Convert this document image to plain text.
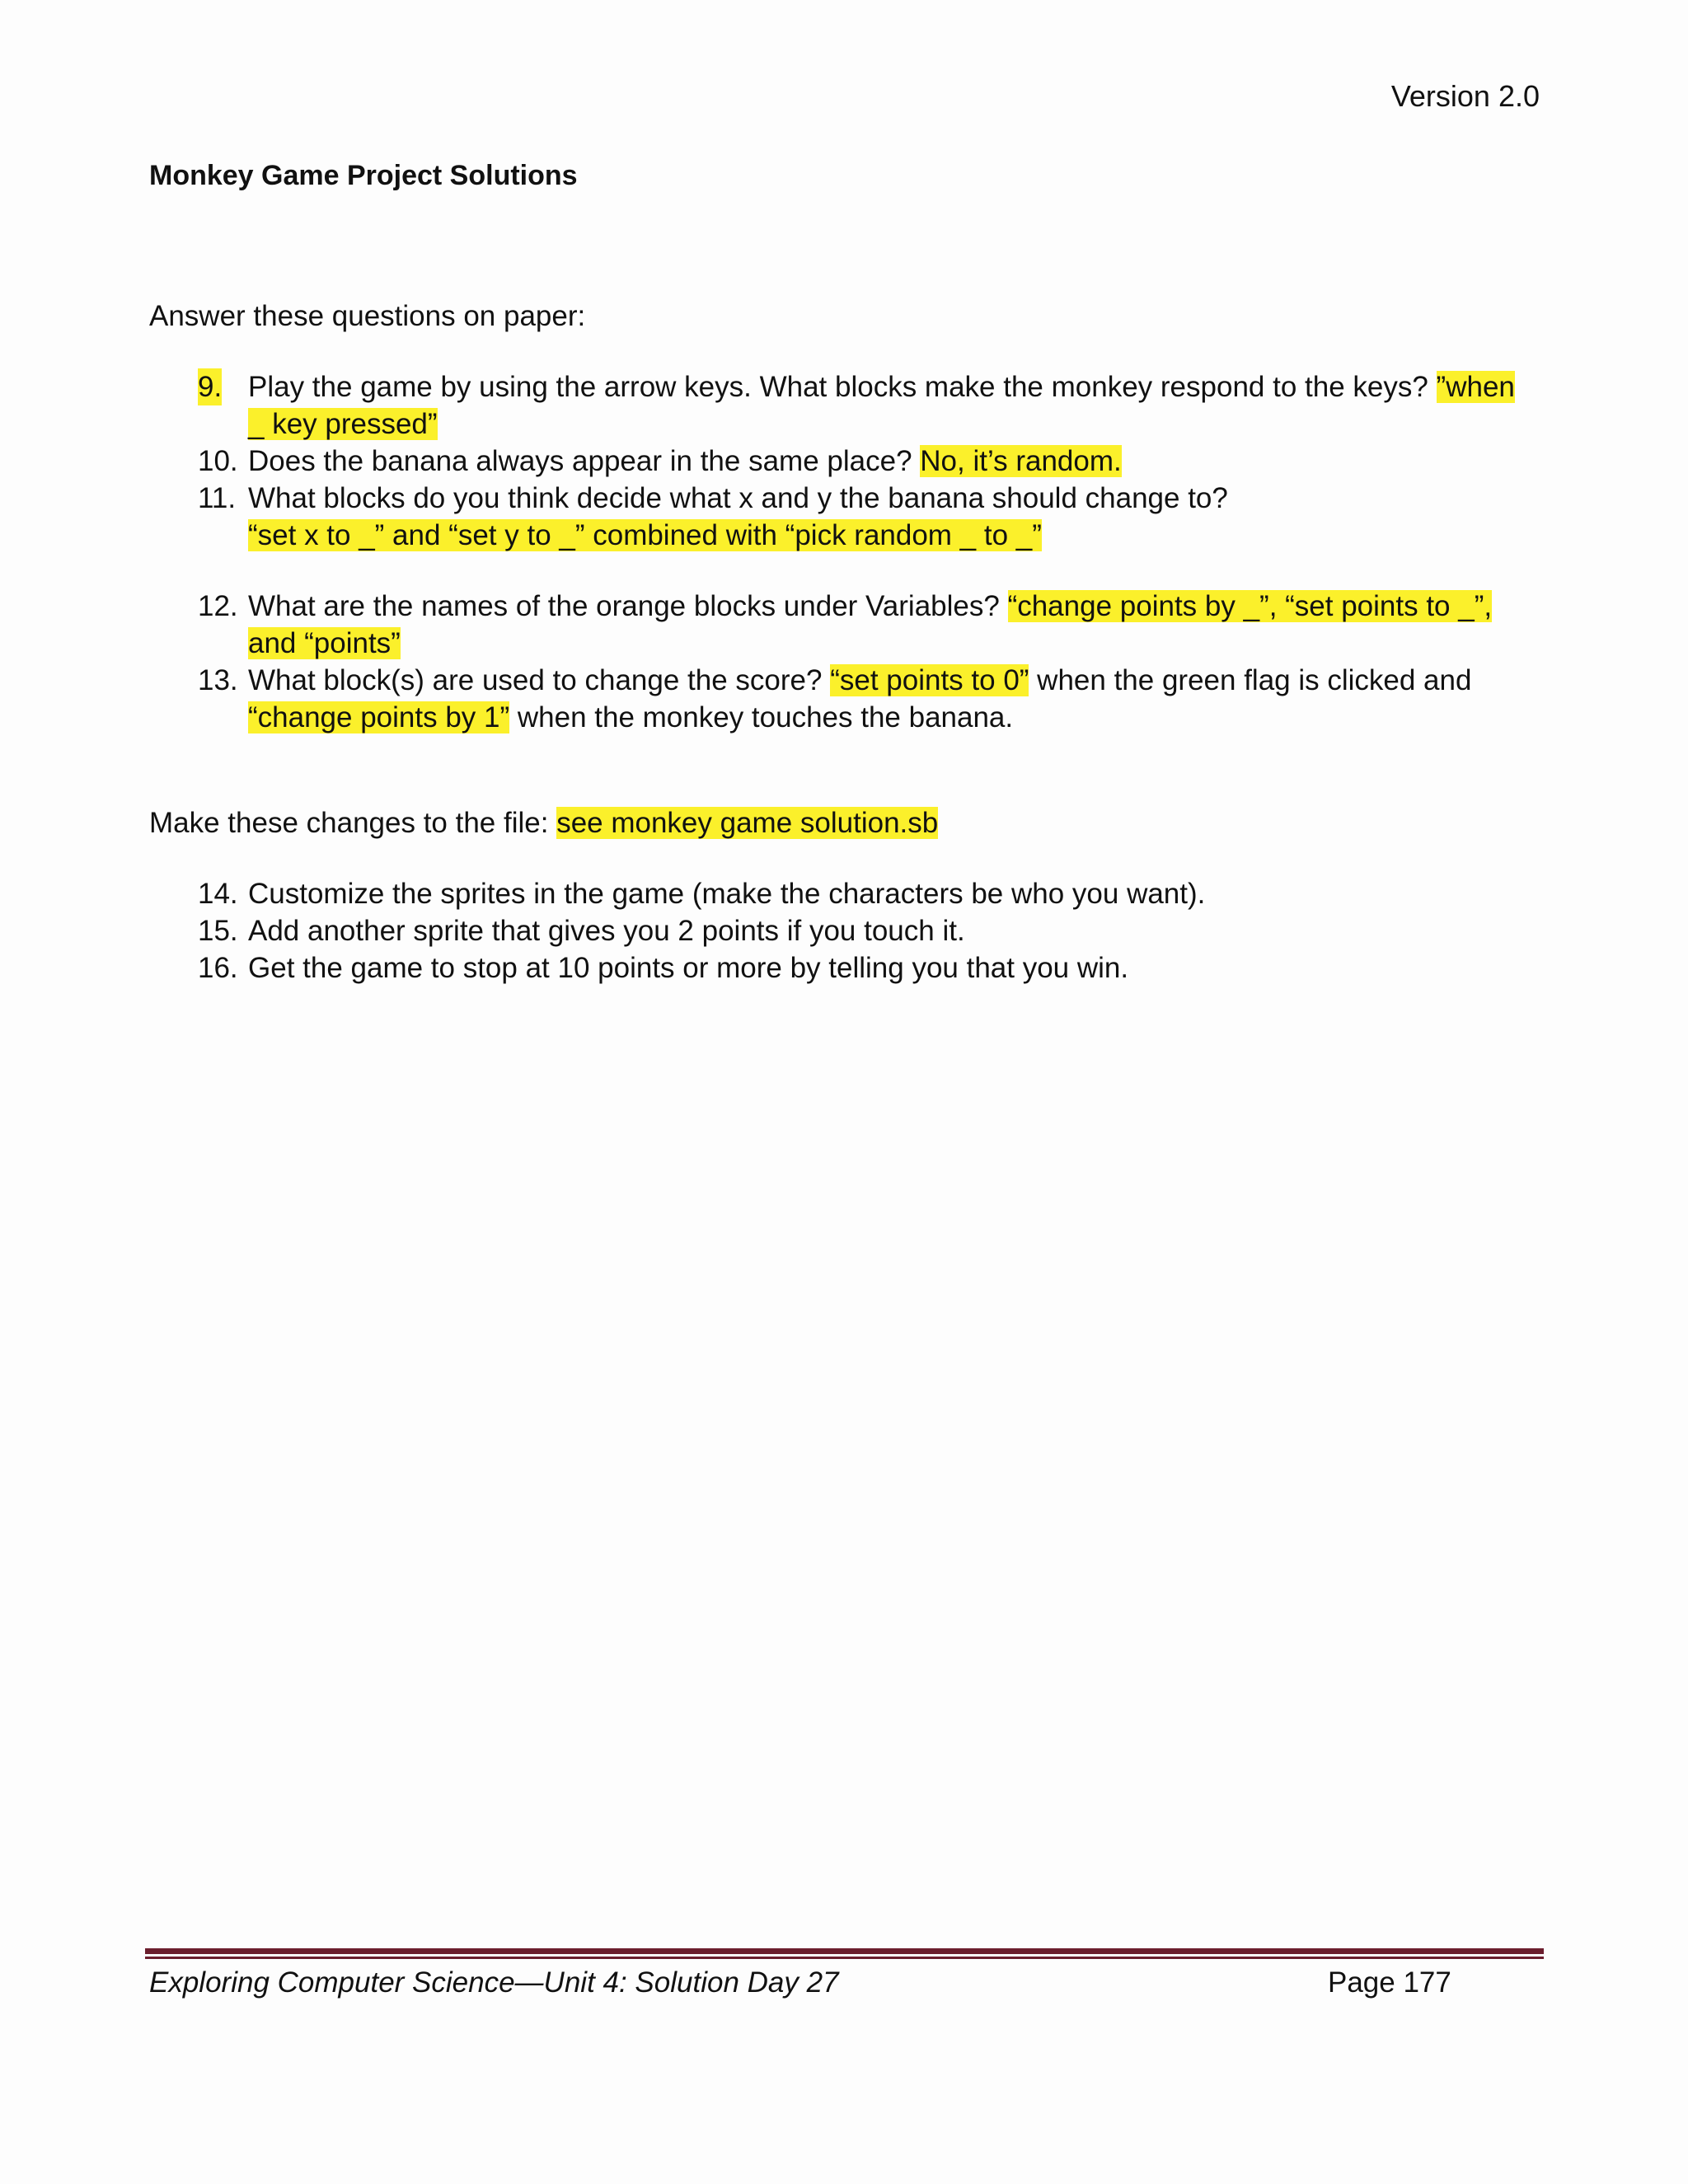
Version 2.0
Monkey Game Project Solutions
Answer these questions on paper:
9. Play the game by using the arrow keys. What blocks make the monkey respond to the keys? ”when _ key pressed”
10. Does the banana always appear in the same place? No, it’s random.
11. What blocks do you think decide what x and y the banana should change to?
“set x to _” and “set y to _” combined with “pick random _ to _”
12. What are the names of the orange blocks under Variables? “change points by _”, “set points to _”, and “points”
13. What block(s) are used to change the score? “set points to 0” when the green flag is clicked and “change points by 1” when the monkey touches the banana.
Make these changes to the file: see monkey game solution.sb
14. Customize the sprites in the game (make the characters be who you want).
15. Add another sprite that gives you 2 points if you touch it.
16. Get the game to stop at 10 points or more by telling you that you win.
Exploring Computer Science—Unit 4: Solution Day 27	Page 177
